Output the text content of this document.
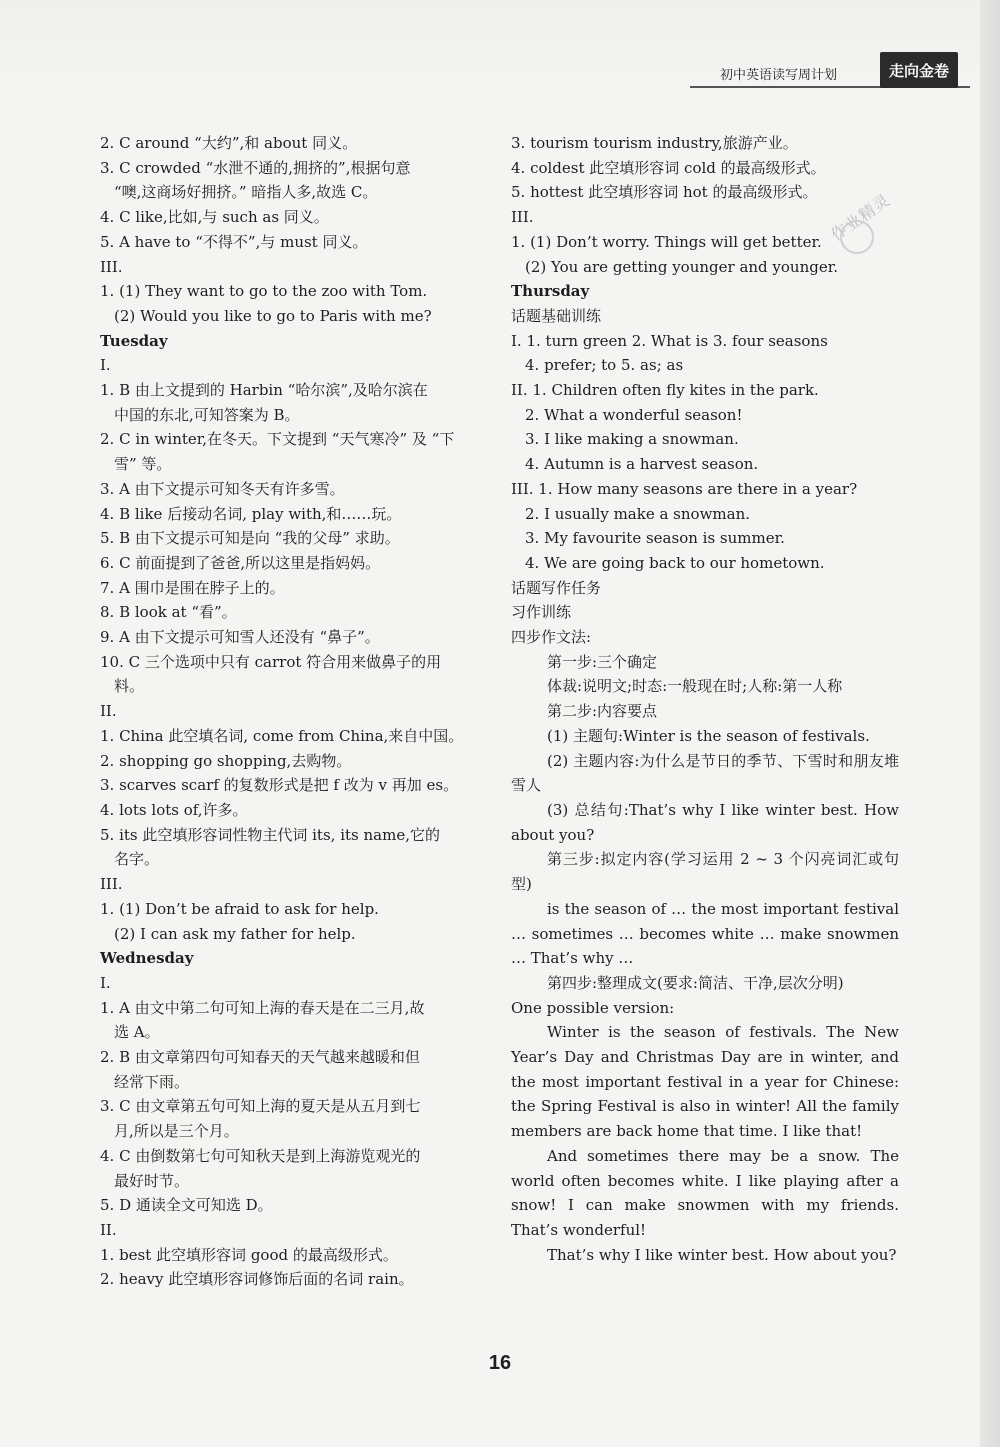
初中英语读写周计划	走向金卷
作业精灵
2. C around “大约”,和 about 同义。
3. C crowded “水泄不通的,拥挤的”,根据句意
“噢,这商场好拥挤。” 暗指人多,故选 C。
4. C like,比如,与 such as 同义。
5. A have to “不得不”,与 must 同义。
III.
1. (1) They want to go to the zoo with Tom.
(2) Would you like to go to Paris with me?
Tuesday
I.
1. B 由上文提到的 Harbin “哈尔滨”,及哈尔滨在
中国的东北,可知答案为 B。
2. C in winter,在冬天。下文提到 “天气寒冷” 及 “下
雪” 等。
3. A 由下文提示可知冬天有许多雪。
4. B like 后接动名词, play with,和……玩。
5. B 由下文提示可知是向 “我的父母” 求助。
6. C 前面提到了爸爸,所以这里是指妈妈。
7. A 围巾是围在脖子上的。
8. B look at “看”。
9. A 由下文提示可知雪人还没有 “鼻子”。
10. C 三个选项中只有 carrot 符合用来做鼻子的用
料。
II.
1. China 此空填名词, come from China,来自中国。
2. shopping go shopping,去购物。
3. scarves scarf 的复数形式是把 f 改为 v 再加 es。
4. lots lots of,许多。
5. its 此空填形容词性物主代词 its, its name,它的
名字。
III.
1. (1) Don’t be afraid to ask for help.
(2) I can ask my father for help.
Wednesday
I.
1. A 由文中第二句可知上海的春天是在二三月,故
选 A。
2. B 由文章第四句可知春天的天气越来越暖和但
经常下雨。
3. C 由文章第五句可知上海的夏天是从五月到七
月,所以是三个月。
4. C 由倒数第七句可知秋天是到上海游览观光的
最好时节。
5. D 通读全文可知选 D。
II.
1. best 此空填形容词 good 的最高级形式。
2. heavy 此空填形容词修饰后面的名词 rain。
3. tourism tourism industry,旅游产业。
4. coldest 此空填形容词 cold 的最高级形式。
5. hottest 此空填形容词 hot 的最高级形式。
III.
1. (1) Don’t worry. Things will get better.
(2) You are getting younger and younger.
Thursday
话题基础训练
I. 1. turn green 2. What is 3. four seasons
4. prefer; to 5. as; as
II. 1. Children often fly kites in the park.
2. What a wonderful season!
3. I like making a snowman.
4. Autumn is a harvest season.
III. 1. How many seasons are there in a year?
2. I usually make a snowman.
3. My favourite season is summer.
4. We are going back to our hometown.
话题写作任务
习作训练
四步作文法:
第一步:三个确定
体裁:说明文;时态:一般现在时;人称:第一人称
第二步:内容要点
(1) 主题句:Winter is the season of festivals.
(2) 主题内容:为什么是节日的季节、下雪时和朋友堆雪人
(3) 总结句:That’s why I like winter best. How about you?
第三步:拟定内容(学习运用 2 ~ 3 个闪亮词汇或句型)
is the season of … the most important festival … sometimes … becomes white … make snowmen … That’s why …
第四步:整理成文(要求:简洁、干净,层次分明)
One possible version:
Winter is the season of festivals. The New Year’s Day and Christmas Day are in winter, and the most important festival in a year for Chinese: the Spring Festival is also in winter! All the family members are back home that time. I like that!
And sometimes there may be a snow. The world often becomes white. I like playing after a snow! I can make snowmen with my friends. That’s wonderful!
That’s why I like winter best. How about you?
16
